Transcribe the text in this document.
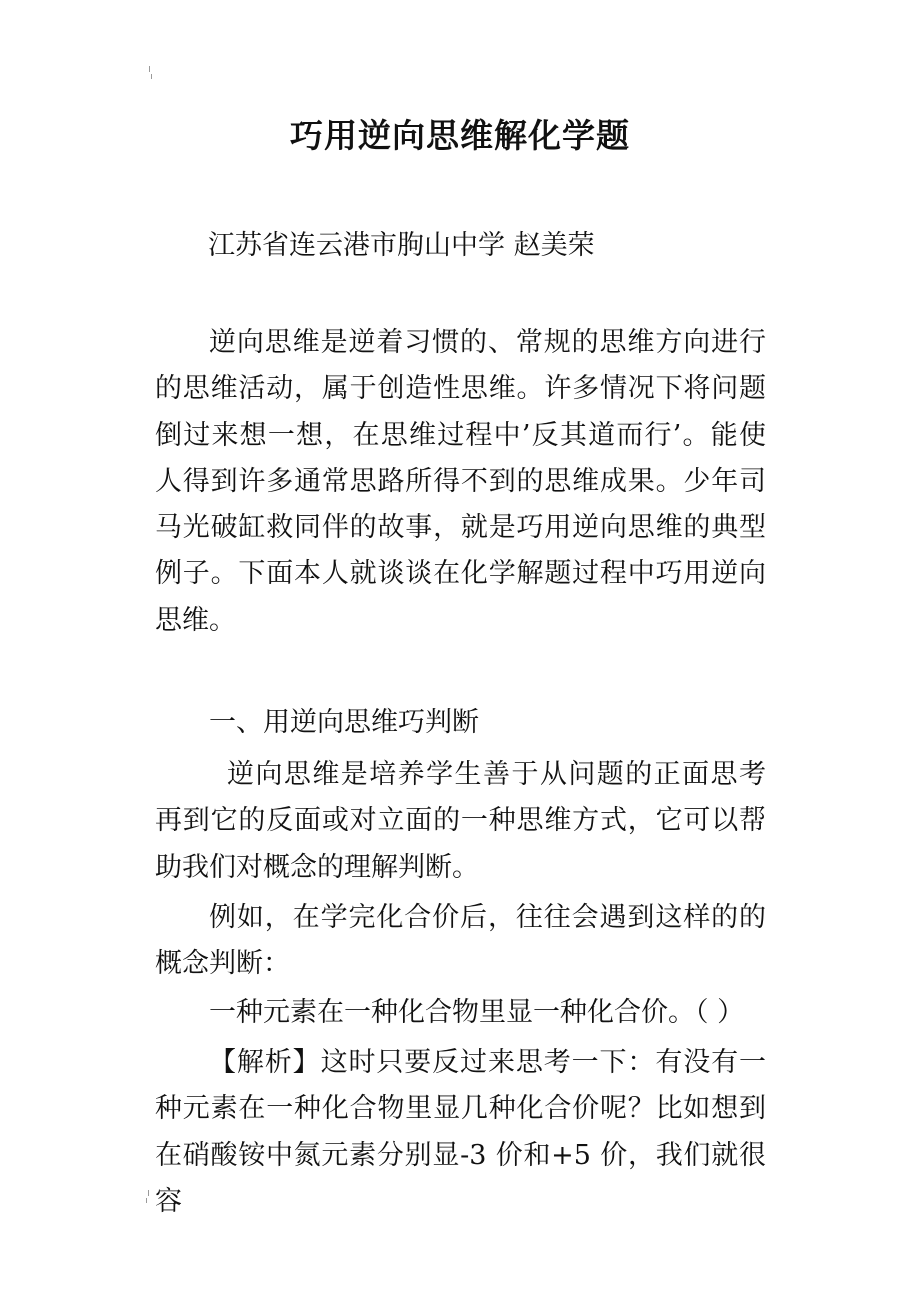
巧用逆向思维解化学题
江苏省连云港市朐山中学 赵美荣
逆向思维是逆着习惯的、常规的思维方向进行的思维活动，属于创造性思维。许多情况下将问题倒过来想一想，在思维过程中’反其道而行’。能使人得到许多通常思路所得不到的思维成果。少年司马光破缸救同伴的故事，就是巧用逆向思维的典型例子。下面本人就谈谈在化学解题过程中巧用逆向思维。
一、用逆向思维巧判断
逆向思维是培养学生善于从问题的正面思考再到它的反面或对立面的一种思维方式，它可以帮助我们对概念的理解判断。
例如，在学完化合价后，往往会遇到这样的的概念判断：
一种元素在一种化合物里显一种化合价。（ ）
【解析】这时只要反过来思考一下：有没有一种元素在一种化合物里显几种化合价呢？比如想到在硝酸铵中氮元素分别显-3 价和+5 价，我们就很容
